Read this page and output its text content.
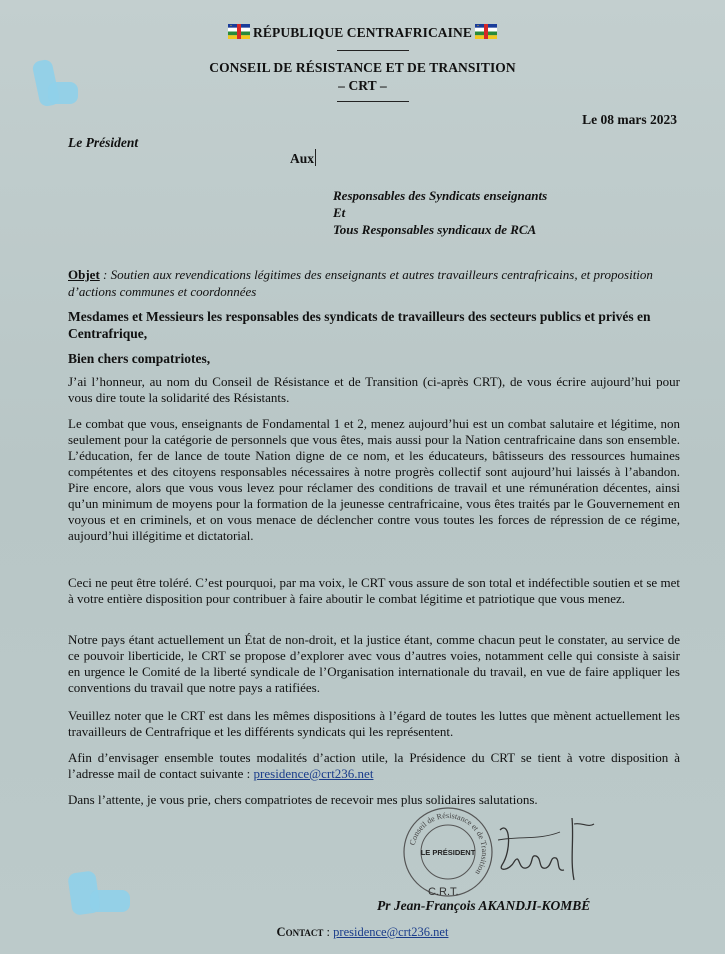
RÉPUBLIQUE CENTRAFRICAINE
CONSEIL DE RÉSISTANCE ET DE TRANSITION
– CRT –
Le 08 mars 2023
Le Président
Aux
Responsables des Syndicats enseignants
Et
Tous Responsables syndicaux de RCA
Objet : Soutien aux revendications légitimes des enseignants et autres travailleurs centrafricains, et proposition d’actions communes et coordonnées
Mesdames et Messieurs les responsables des syndicats de travailleurs des secteurs publics et privés en Centrafrique,
Bien chers compatriotes,
J’ai l’honneur, au nom du Conseil de Résistance et de Transition (ci-après CRT), de vous écrire aujourd’hui pour vous dire toute la solidarité des Résistants.
Le combat que vous, enseignants de Fondamental 1 et 2, menez aujourd’hui est un combat salutaire et légitime, non seulement pour la catégorie de personnels que vous êtes, mais aussi pour la Nation centrafricaine dans son ensemble. L’éducation, fer de lance de toute Nation digne de ce nom, et les éducateurs, bâtisseurs des ressources humaines compétentes et des citoyens responsables nécessaires à notre progrès collectif sont aujourd’hui laissés à l’abandon. Pire encore, alors que vous vous levez pour réclamer des conditions de travail et une rémunération décentes, ainsi qu’un minimum de moyens pour la formation de la jeunesse centrafricaine, vous êtes traités par le Gouvernement en voyous et en criminels, et on vous menace de déclencher contre vous toutes les forces de répression de ce régime, aujourd’hui illégitime et dictatorial.
Ceci ne peut être toléré. C’est pourquoi, par ma voix, le CRT vous assure de son total et indéfectible soutien et se met à votre entière disposition pour contribuer à faire aboutir le combat légitime et patriotique que vous menez.
Notre pays étant actuellement un État de non-droit, et la justice étant, comme chacun peut le constater, au service de ce pouvoir liberticide, le CRT se propose d’explorer avec vous d’autres voies, notamment celle qui consiste à saisir en urgence le Comité de la liberté syndicale de l’Organisation internationale du travail, en vue de faire appliquer les conventions du travail que notre pays a ratifiées.
Veuillez noter que le CRT est dans les mêmes dispositions à l’égard de toutes les luttes que mènent actuellement les travailleurs de Centrafrique et les différents syndicats qui les représentent.
Afin d’envisager ensemble toutes modalités d’action utile, la Présidence du CRT se tient à votre disposition à l’adresse mail de contact suivante : presidence@crt236.net
Dans l’attente, je vous prie, chers compatriotes de recevoir mes plus solidaires salutations.
Conseil de Résistance et de Transition
LE PRÉSIDENT
C.R.T.
Pr Jean-François AKANDJI-KOMBÉ
Contact : presidence@crt236.net
